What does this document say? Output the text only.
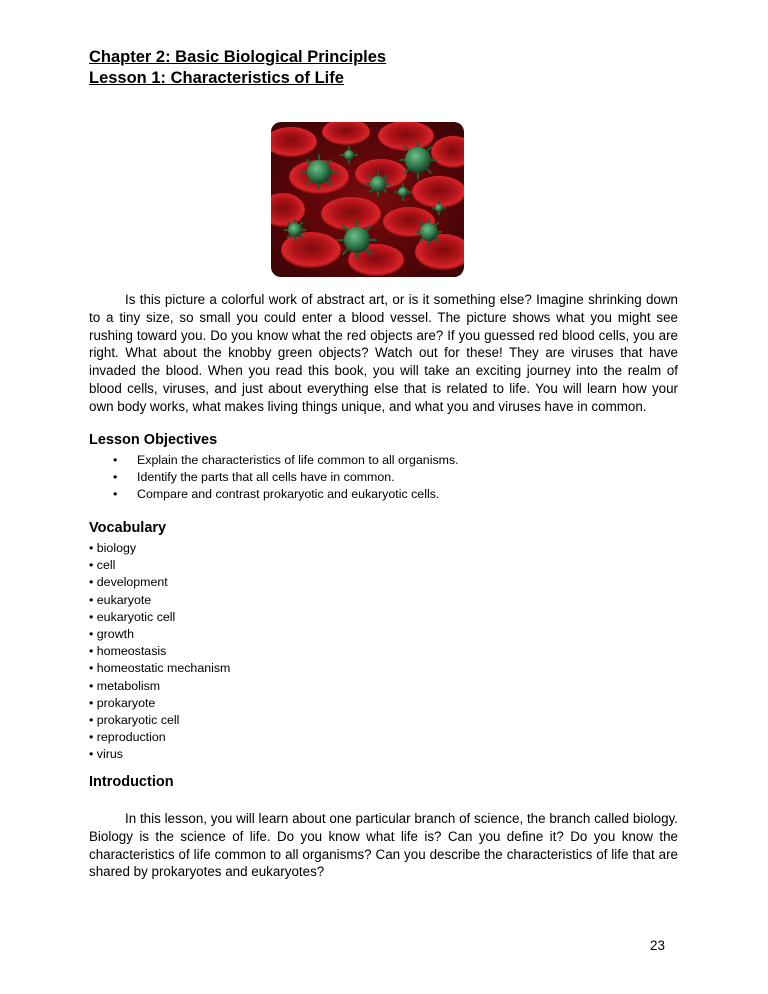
Chapter 2: Basic Biological Principles

Lesson 1: Characteristics of Life

Is this picture a colorful work of abstract art, or is it something else? Imagine shrinking down to a tiny size, so small you could enter a blood vessel. The picture shows what you might see rushing toward you. Do you know what the red objects are? If you guessed red blood cells, you are right. What about the knobby green objects? Watch out for these! They are viruses that have invaded the blood. When you read this book, you will take an exciting journey into the realm of blood cells, viruses, and just about everything else that is related to life. You will learn how your own body works, what makes living things unique, and what you and viruses have in common.

Lesson Objectives

• Explain the characteristics of life common to all organisms.
• Identify the parts that all cells have in common.
• Compare and contrast prokaryotic and eukaryotic cells.

Vocabulary

• biology
• cell
• development
• eukaryote
• eukaryotic cell
• growth
• homeostasis
• homeostatic mechanism
• metabolism
• prokaryote
• prokaryotic cell
• reproduction
• virus

Introduction

In this lesson, you will learn about one particular branch of science, the branch called biology. Biology is the science of life. Do you know what life is? Can you define it? Do you know the characteristics of life common to all organisms? Can you describe the characteristics of life that are shared by prokaryotes and eukaryotes?

23
